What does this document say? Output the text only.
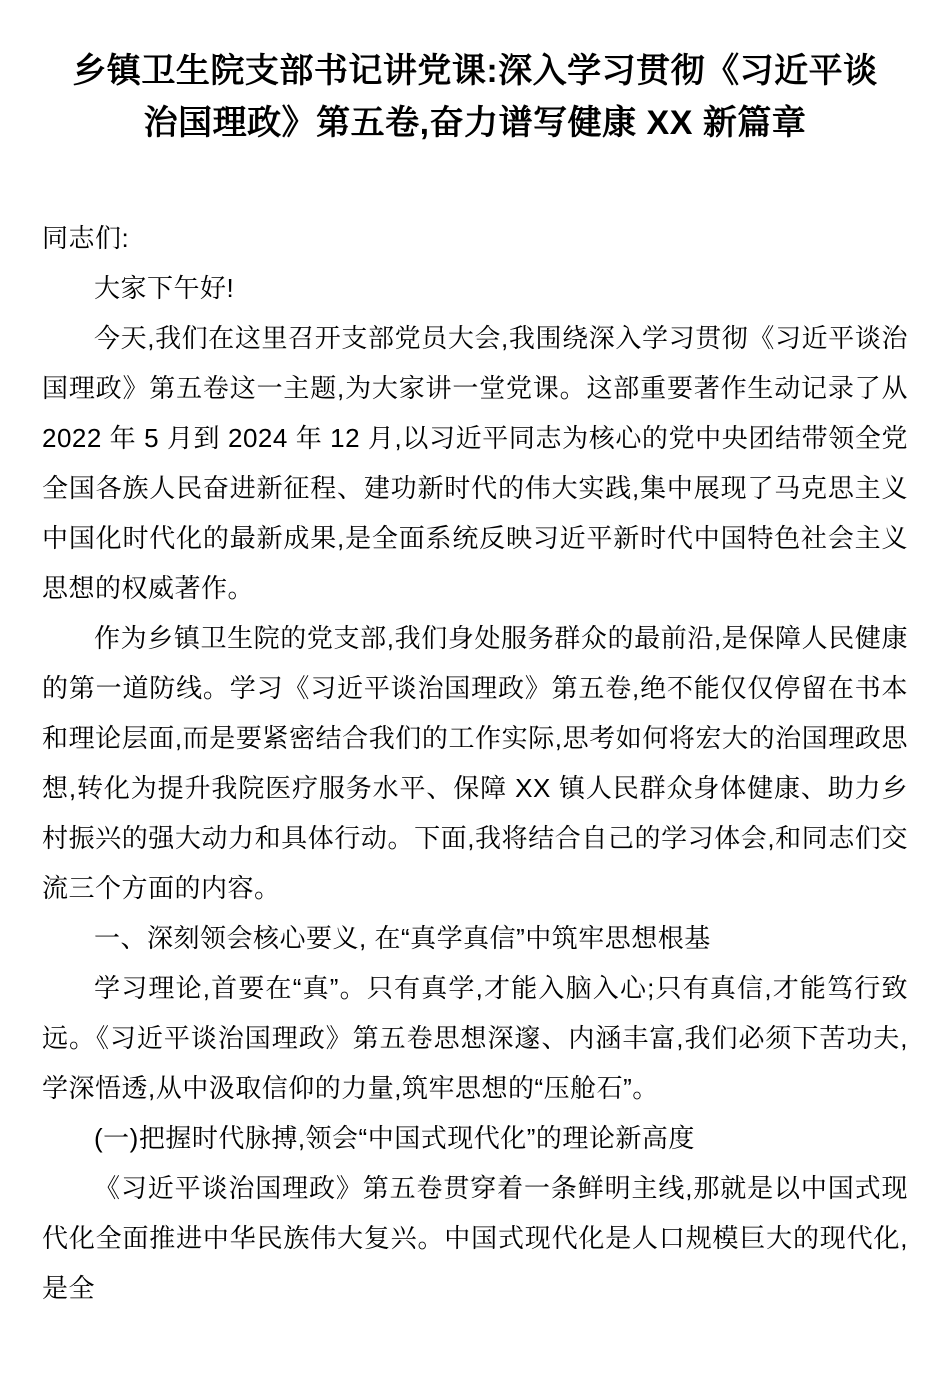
乡镇卫生院支部书记讲党课:深入学习贯彻《习近平谈治国理政》第五卷,奋力谱写健康 XX 新篇章

同志们:

大家下午好!

今天,我们在这里召开支部党员大会,我围绕深入学习贯彻《习近平谈治国理政》第五卷这一主题,为大家讲一堂党课。这部重要著作生动记录了从 2022 年 5 月到 2024 年 12 月,以习近平同志为核心的党中央团结带领全党全国各族人民奋进新征程、建功新时代的伟大实践,集中展现了马克思主义中国化时代化的最新成果,是全面系统反映习近平新时代中国特色社会主义思想的权威著作。

作为乡镇卫生院的党支部,我们身处服务群众的最前沿,是保障人民健康的第一道防线。学习《习近平谈治国理政》第五卷,绝不能仅仅停留在书本和理论层面,而是要紧密结合我们的工作实际,思考如何将宏大的治国理政思想,转化为提升我院医疗服务水平、保障 XX 镇人民群众身体健康、助力乡村振兴的强大动力和具体行动。下面,我将结合自己的学习体会,和同志们交流三个方面的内容。

一、深刻领会核心要义, 在“真学真信”中筑牢思想根基

学习理论,首要在“真”。只有真学,才能入脑入心;只有真信,才能笃行致远。《习近平谈治国理政》第五卷思想深邃、内涵丰富,我们必须下苦功夫,学深悟透,从中汲取信仰的力量,筑牢思想的“压舱石”。

(一)把握时代脉搏,领会“中国式现代化”的理论新高度

《习近平谈治国理政》第五卷贯穿着一条鲜明主线,那就是以中国式现代化全面推进中华民族伟大复兴。中国式现代化是人口规模巨大的现代化,是全
